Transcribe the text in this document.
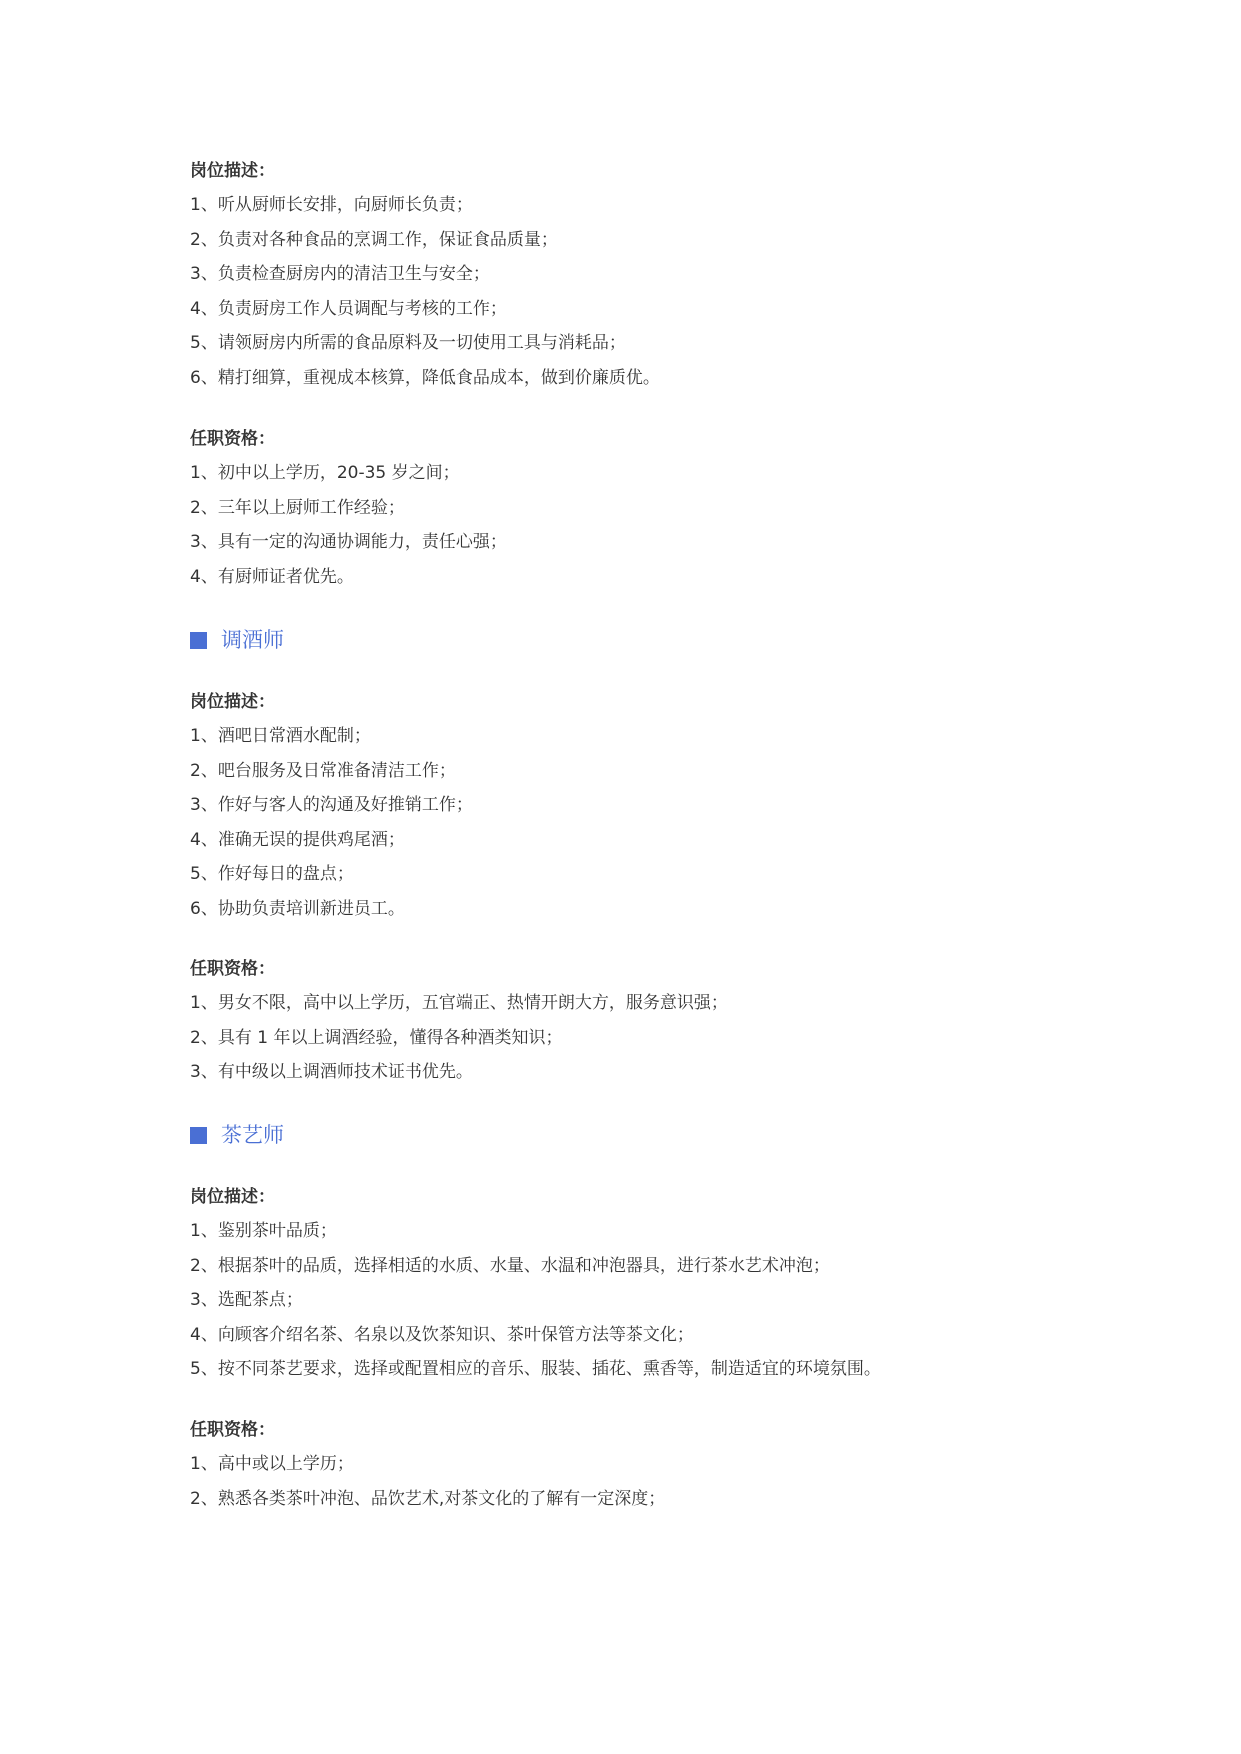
岗位描述：
1、听从厨师长安排，向厨师长负责；
2、负责对各种食品的烹调工作，保证食品质量；
3、负责检查厨房内的清洁卫生与安全；
4、负责厨房工作人员调配与考核的工作；
5、请领厨房内所需的食品原料及一切使用工具与消耗品；
6、精打细算，重视成本核算，降低食品成本，做到价廉质优。
任职资格：
1、初中以上学历，20-35 岁之间；
2、三年以上厨师工作经验；
3、具有一定的沟通协调能力，责任心强；
4、有厨师证者优先。
调酒师
岗位描述：
1、酒吧日常酒水配制；
2、吧台服务及日常准备清洁工作；
3、作好与客人的沟通及好推销工作；
4、准确无误的提供鸡尾酒；
5、作好每日的盘点；
6、协助负责培训新进员工。
任职资格：
1、男女不限，高中以上学历，五官端正、热情开朗大方，服务意识强；
2、具有 1 年以上调酒经验，懂得各种酒类知识；
3、有中级以上调酒师技术证书优先。
茶艺师
岗位描述：
1、鉴别茶叶品质；
2、根据茶叶的品质，选择相适的水质、水量、水温和冲泡器具，进行茶水艺术冲泡；
3、选配茶点；
4、向顾客介绍名茶、名泉以及饮茶知识、茶叶保管方法等茶文化；
5、按不同茶艺要求，选择或配置相应的音乐、服装、插花、熏香等，制造适宜的环境氛围。
任职资格：
1、高中或以上学历；
2、熟悉各类茶叶冲泡、品饮艺术,对茶文化的了解有一定深度；
